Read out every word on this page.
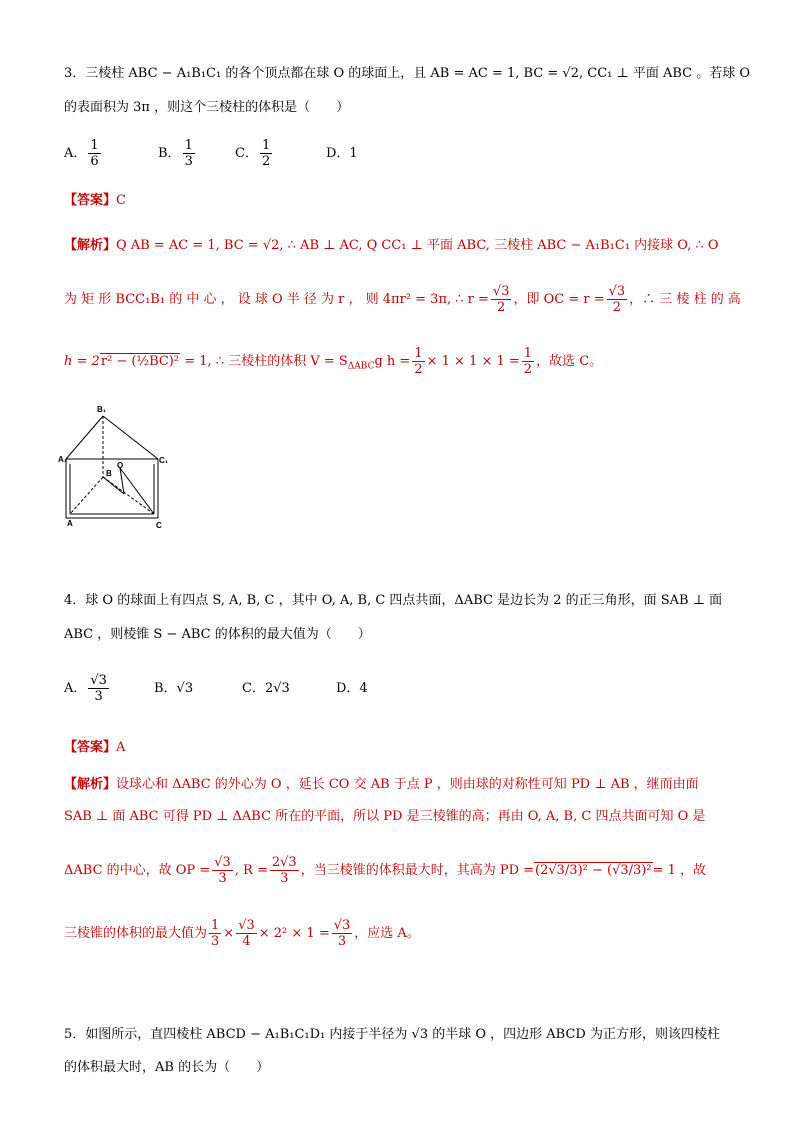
3．三棱柱 ABC − A₁B₁C₁ 的各个顶点都在球 O 的球面上，且 AB = AC = 1, BC = √2, CC₁ ⊥ 平面 ABC 。若球 O
的表面积为 3π ，则这个三棱柱的体积是（　　）
A． $\frac{1}{6}$	B． $\frac{1}{3}$	C． $\frac{1}{2}$	D．1
【答案】C
【解析】Q AB = AC = 1, BC = √2, ∴ AB ⊥ AC, Q CC₁ ⊥ 平面 ABC, 三棱柱 ABC − A₁B₁C₁ 内接球 O, ∴ O
为 矩 形 BCC₁B₁ 的 中 心 ， 设 球 O 半 径 为 r ， 则 4πr² = 3π, ∴ $r = \frac{√3}{2}$ ，即 OC = $r = \frac{√3}{2}$ ，∴ 三 棱 柱 的 高
h = 2r² − (½BC)² = 1, ∴ 三棱柱的体积 $V = S_{\Delta ABC}g$ $h = \frac{1}{2} \times 1 \times 1 \times 1 = \frac{1}{2}$ ，故选 C。
B₁
A₁	C₁
O
B
A	C
4．球 O 的球面上有四点 S, A, B, C ，其中 O, A, B, C 四点共面，ΔABC 是边长为 2 的正三角形，面 SAB ⊥ 面
ABC ，则棱锥 S − ABC 的体积的最大值为（　　）
A． $\frac{√3}{3}$	B．√3	C．2√3	D．4
【答案】A
【解析】设球心和 ΔABC 的外心为 O ，延长 CO 交 AB 于点 P ，则由球的对称性可知 PD ⊥ AB ，继而由面
SAB ⊥ 面 ABC 可得 PD ⊥ ΔABC 所在的平面，所以 PD 是三棱锥的高；再由 O, A, B, C 四点共面可知 O 是
ΔABC 的中心，故 OP = $\frac{√3}{3}$ , $R = \frac{2√3}{3}$ ，当三棱锥的体积最大时，其高为 PD =(2√3/3)² − (√3/3)²= 1 ，故
三棱锥的体积的最大值为 $\frac{1}{3} \times \frac{√3}{4} \times 2^2 \times 1 = \frac{√3}{3}$ ，应选 A。
5．如图所示，直四棱柱 ABCD − A₁B₁C₁D₁ 内接于半径为 √3 的半球 O ，四边形 ABCD 为正方形，则该四棱柱
的体积最大时，AB 的长为（　　）
